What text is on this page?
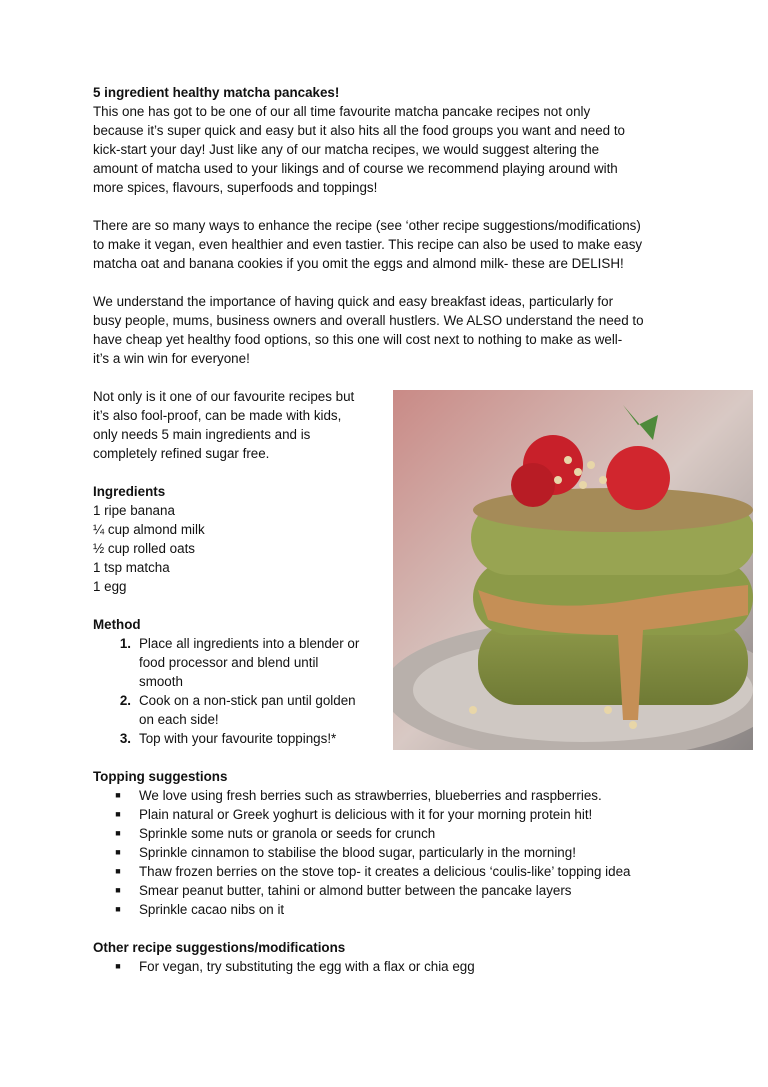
5 ingredient healthy matcha pancakes!
This one has got to be one of our all time favourite matcha pancake recipes not only
because it’s super quick and easy but it also hits all the food groups you want and need to
kick-start your day! Just like any of our matcha recipes, we would suggest altering the
amount of matcha used to your likings and of course we recommend playing around with
more spices, flavours, superfoods and toppings!
There are so many ways to enhance the recipe (see ‘other recipe suggestions/modifications)
to make it vegan, even healthier and even tastier. This recipe can also be used to make easy
matcha oat and banana cookies if you omit the eggs and almond milk- these are DELISH!
We understand the importance of having quick and easy breakfast ideas, particularly for
busy people, mums, business owners and overall hustlers. We ALSO understand the need to
have cheap yet healthy food options, so this one will cost next to nothing to make as well-
it’s a win win for everyone!
Not only is it one of our favourite recipes but
it’s also fool-proof, can be made with kids,
only needs 5 main ingredients and is
completely refined sugar free.
Ingredients
1 ripe banana
¼ cup almond milk
½ cup rolled oats
1 tsp matcha
1 egg
Method
1. Place all ingredients into a blender or
food processor and blend until
smooth
2. Cook on a non-stick pan until golden
on each side!
3. Top with your favourite toppings!*
Topping suggestions
■ We love using fresh berries such as strawberries, blueberries and raspberries.
■ Plain natural or Greek yoghurt is delicious with it for your morning protein hit!
■ Sprinkle some nuts or granola or seeds for crunch
■ Sprinkle cinnamon to stabilise the blood sugar, particularly in the morning!
■ Thaw frozen berries on the stove top- it creates a delicious ‘coulis-like’ topping idea
■ Smear peanut butter, tahini or almond butter between the pancake layers
■ Sprinkle cacao nibs on it
Other recipe suggestions/modifications
■ For vegan, try substituting the egg with a flax or chia egg
